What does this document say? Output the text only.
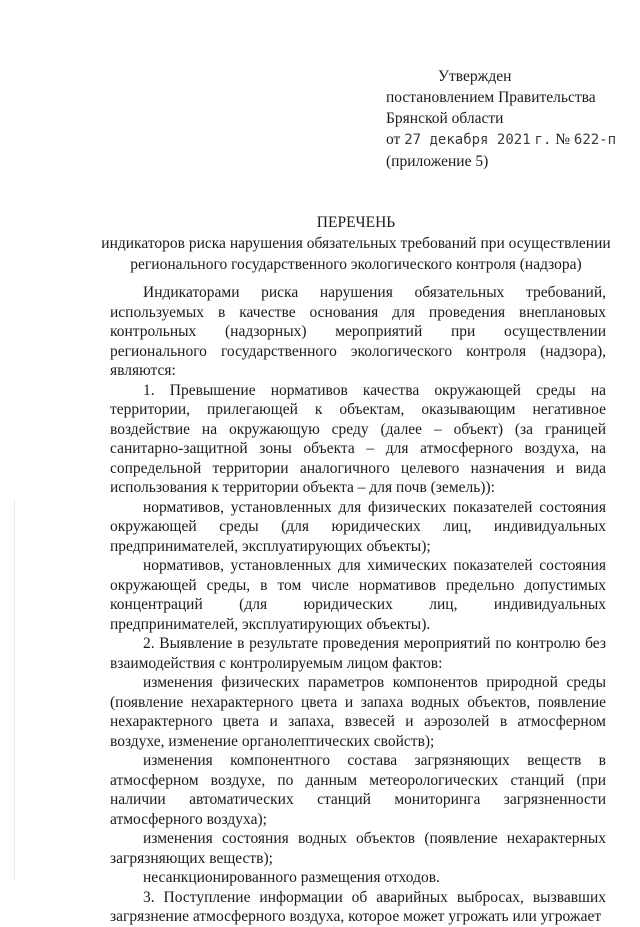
Утвержден
постановлением Правительства
Брянской области
от 27 декабря 2021 г. № 622-п
(приложение 5)
ПЕРЕЧЕНЬ
индикаторов риска нарушения обязательных требований при осуществлении
регионального государственного экологического контроля (надзора)

Индикаторами риска нарушения обязательных требований, используемых в качестве основания для проведения внеплановых контрольных (надзорных) мероприятий при осуществлении регионального государственного экологического контроля (надзора), являются:

1. Превышение нормативов качества окружающей среды на территории, прилегающей к объектам, оказывающим негативное воздействие на окружающую среду (далее – объект) (за границей санитарно-защитной зоны объекта – для атмосферного воздуха, на сопредельной территории аналогичного целевого назначения и вида использования к территории объекта – для почв (земель)):

нормативов, установленных для физических показателей состояния окружающей среды (для юридических лиц, индивидуальных предпринимателей, эксплуатирующих объекты);

нормативов, установленных для химических показателей состояния окружающей среды, в том числе нормативов предельно допустимых концентраций (для юридических лиц, индивидуальных предпринимателей, эксплуатирующих объекты).

2. Выявление в результате проведения мероприятий по контролю без взаимодействия с контролируемым лицом фактов:

изменения физических параметров компонентов природной среды (появление нехарактерного цвета и запаха водных объектов, появление нехарактерного цвета и запаха, взвесей и аэрозолей в атмосферном воздухе, изменение органолептических свойств);

изменения компонентного состава загрязняющих веществ в атмосферном воздухе, по данным метеорологических станций (при наличии автоматических станций мониторинга загрязненности атмосферного воздуха);

изменения состояния водных объектов (появление нехарактерных загрязняющих веществ);

несанкционированного размещения отходов.

3. Поступление информации об аварийных выбросах, вызвавших загрязнение атмосферного воздуха, которое может угрожать или угрожает
